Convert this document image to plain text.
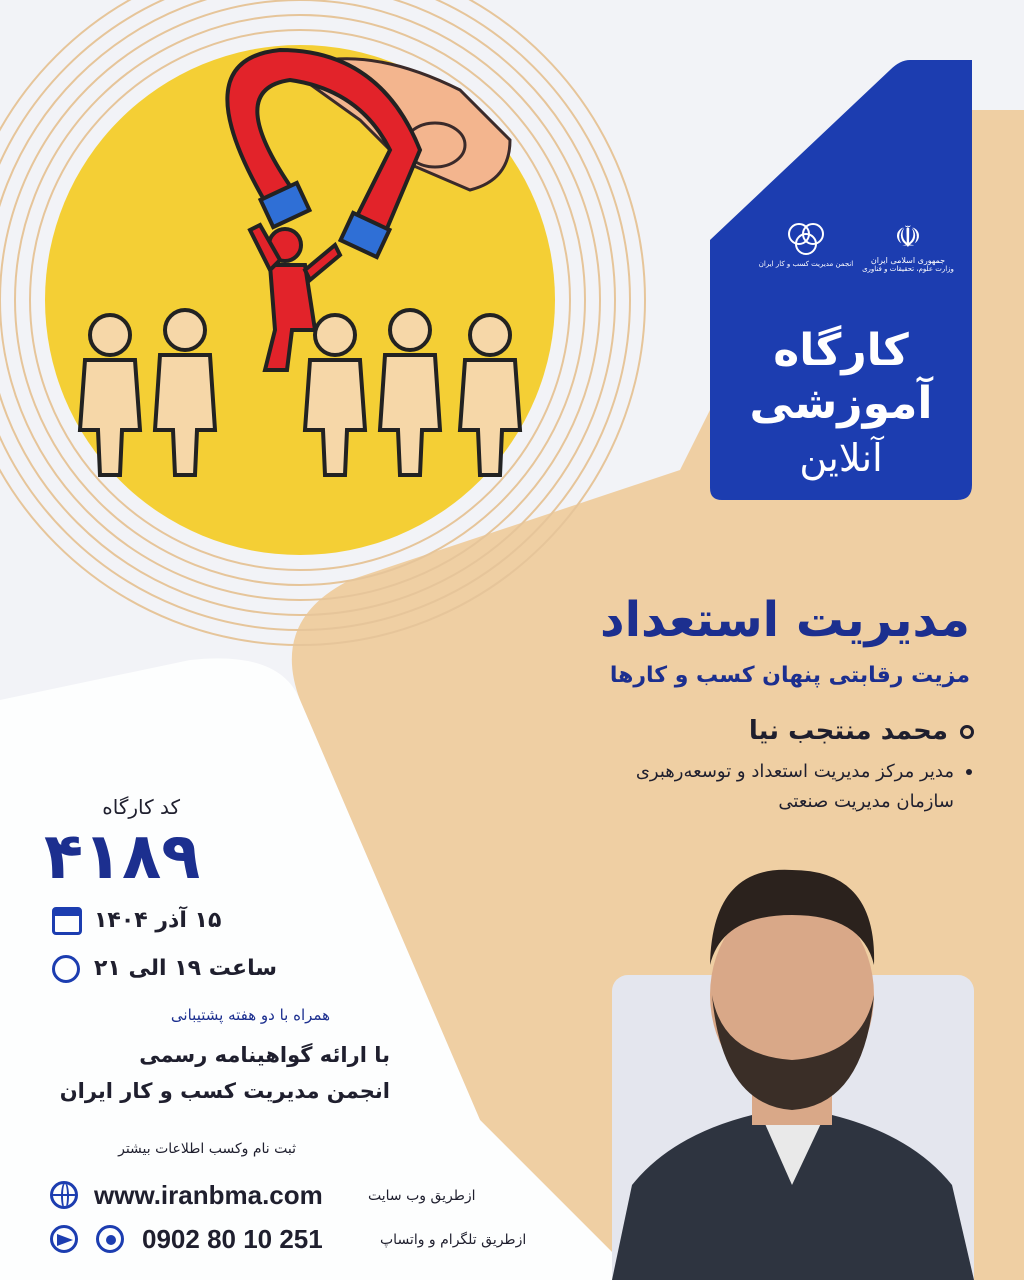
☫
جمهوری اسلامی ایران
وزارت علوم، تحقیقات و فناوری
انجمن مدیریت کسب و کار ایران
کارگاه
آموزشی
آنلاین
مدیریت استعداد
مزیت رقابتی پنهان کسب و کارها
محمد منتجب نیا
مدیر مرکز مدیریت استعداد و توسعه‌رهبری
سازمان مدیریت صنعتی
کد کارگاه
۴۱۸۹
۱۵ آذر ۱۴۰۴
ساعت ۱۹ الی ۲۱
همراه با دو هفته پشتیبانی
با ارائه گواهینامه رسمی
انجمن مدیریت کسب و کار ایران
ثبت نام وکسب اطلاعات بیشتر
www.iranbma.com	ازطریق وب سایت
0902 80 10 251	ازطریق تلگرام و واتساپ
